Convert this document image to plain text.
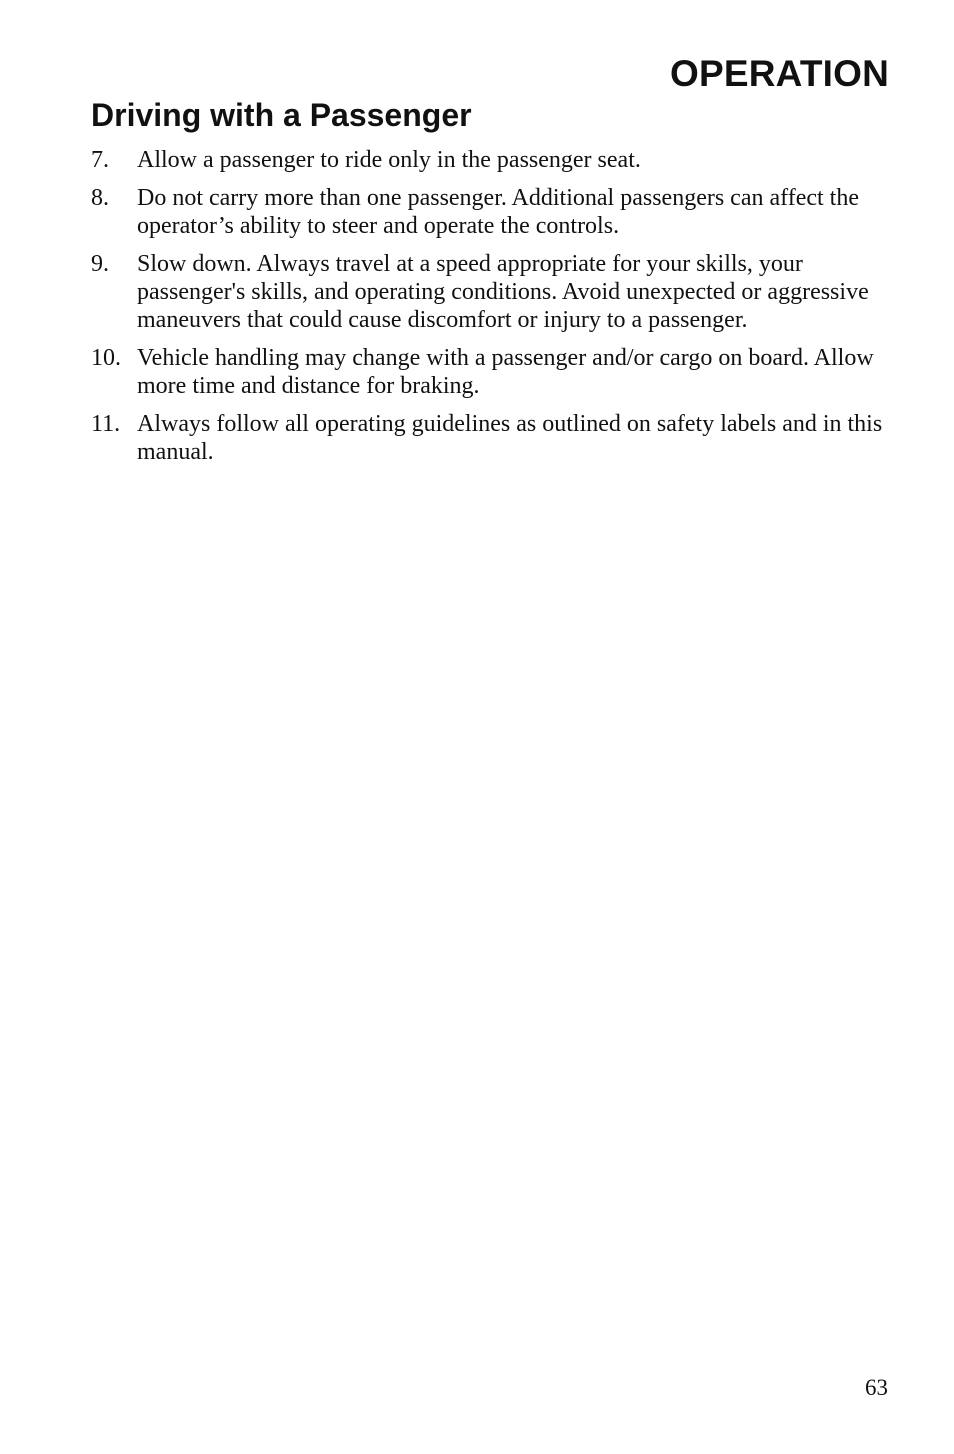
OPERATION
Driving with a Passenger
7. Allow a passenger to ride only in the passenger seat.
8. Do not carry more than one passenger. Additional passengers can affect the operator’s ability to steer and operate the controls.
9. Slow down. Always travel at a speed appropriate for your skills, your passenger's skills, and operating conditions. Avoid unexpected or aggressive maneuvers that could cause discomfort or injury to a passenger.
10. Vehicle handling may change with a passenger and/or cargo on board. Allow more time and distance for braking.
11. Always follow all operating guidelines as outlined on safety labels and in this manual.
63
